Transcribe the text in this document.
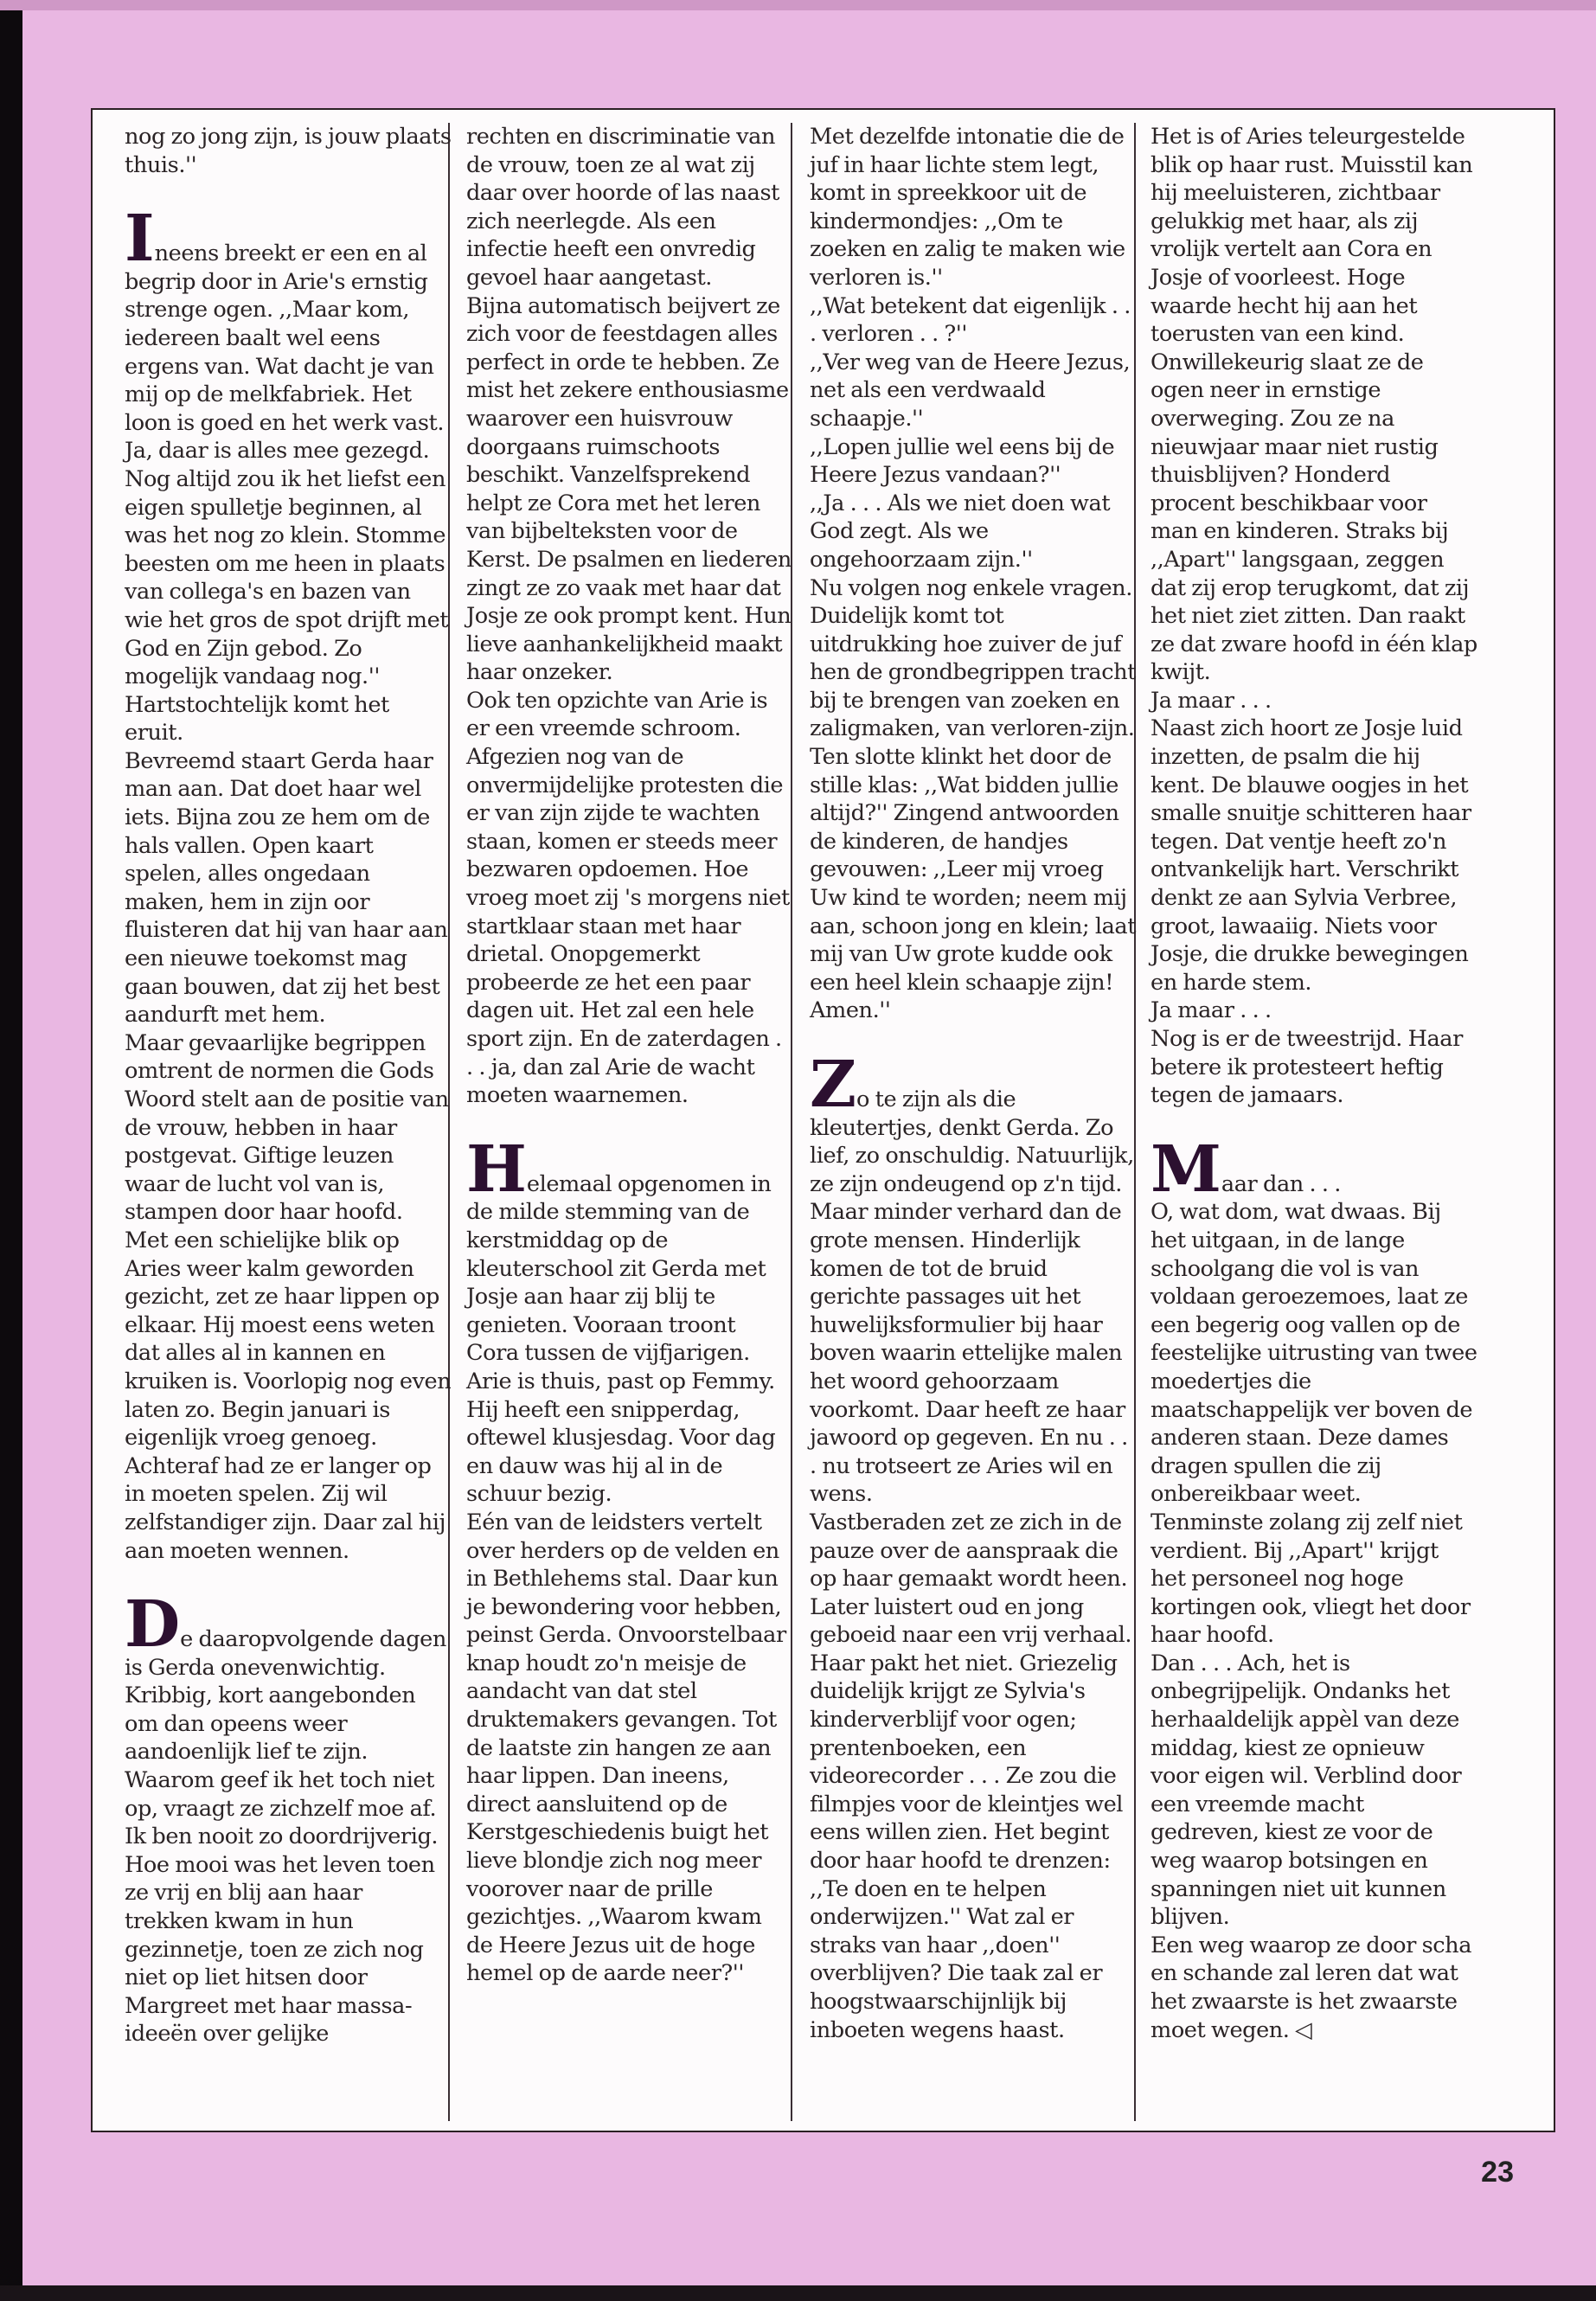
nog zo jong zijn, is jouw plaats thuis.''

Ineens breekt er een en al begrip door in Arie's ernstig strenge ogen. ,,Maar kom, iedereen baalt wel eens ergens van. Wat dacht je van mij op de melkfabriek. Het loon is goed en het werk vast. Ja, daar is alles mee gezegd. Nog altijd zou ik het liefst een eigen spulletje beginnen, al was het nog zo klein. Stomme beesten om me heen in plaats van collega's en bazen van wie het gros de spot drijft met God en Zijn gebod. Zo mogelijk vandaag nog.'' Hartstochtelijk komt het eruit.

Bevreemd staart Gerda haar man aan. Dat doet haar wel iets. Bijna zou ze hem om de hals vallen. Open kaart spelen, alles ongedaan maken, hem in zijn oor fluisteren dat hij van haar aan een nieuwe toekomst mag gaan bouwen, dat zij het best aandurft met hem.

Maar gevaarlijke begrippen omtrent de normen die Gods Woord stelt aan de positie van de vrouw, hebben in haar postgevat. Giftige leuzen waar de lucht vol van is, stampen door haar hoofd. Met een schielijke blik op Aries weer kalm geworden gezicht, zet ze haar lippen op elkaar. Hij moest eens weten dat alles al in kannen en kruiken is. Voorlopig nog even laten zo. Begin januari is eigenlijk vroeg genoeg. Achteraf had ze er langer op in moeten spelen. Zij wil zelfstandiger zijn. Daar zal hij aan moeten wennen.

De daaropvolgende dagen is Gerda onevenwichtig. Kribbig, kort aangebonden om dan opeens weer aandoenlijk lief te zijn. Waarom geef ik het toch niet op, vraagt ze zichzelf moe af. Ik ben nooit zo doordrijverig. Hoe mooi was het leven toen ze vrij en blij aan haar trekken kwam in hun gezinnetje, toen ze zich nog niet op liet hitsen door Margreet met haar massa-ideeën over gelijke

rechten en discriminatie van de vrouw, toen ze al wat zij daar over hoorde of las naast zich neerlegde. Als een infectie heeft een onvredig gevoel haar aangetast.

Bijna automatisch beijvert ze zich voor de feestdagen alles perfect in orde te hebben. Ze mist het zekere enthousiasme waarover een huisvrouw doorgaans ruimschoots beschikt. Vanzelfsprekend helpt ze Cora met het leren van bijbelteksten voor de Kerst. De psalmen en liederen zingt ze zo vaak met haar dat Josje ze ook prompt kent. Hun lieve aanhankelijkheid maakt haar onzeker.

Ook ten opzichte van Arie is er een vreemde schroom. Afgezien nog van de onvermijdelijke protesten die er van zijn zijde te wachten staan, komen er steeds meer bezwaren opdoemen. Hoe vroeg moet zij 's morgens niet startklaar staan met haar drietal. Onopgemerkt probeerde ze het een paar dagen uit. Het zal een hele sport zijn. En de zaterdagen . . . ja, dan zal Arie de wacht moeten waarnemen.

Helemaal opgenomen in de milde stemming van de kerstmiddag op de kleuterschool zit Gerda met Josje aan haar zij blij te genieten. Vooraan troont Cora tussen de vijfjarigen. Arie is thuis, past op Femmy. Hij heeft een snipperdag, oftewel klusjesdag. Voor dag en dauw was hij al in de schuur bezig.

Eén van de leidsters vertelt over herders op de velden en in Bethlehems stal. Daar kun je bewondering voor hebben, peinst Gerda. Onvoorstelbaar knap houdt zo'n meisje de aandacht van dat stel druktemakers gevangen. Tot de laatste zin hangen ze aan haar lippen. Dan ineens, direct aansluitend op de Kerstgeschiedenis buigt het lieve blondje zich nog meer voorover naar de prille gezichtjes. ,,Waarom kwam de Heere Jezus uit de hoge hemel op de aarde neer?''

Met dezelfde intonatie die de juf in haar lichte stem legt, komt in spreekkoor uit de kindermondjes: ,,Om te zoeken en zalig te maken wie verloren is.''

,,Wat betekent dat eigenlijk . . . verloren . . ?''

,,Ver weg van de Heere Jezus, net als een verdwaald schaapje.''

,,Lopen jullie wel eens bij de Heere Jezus vandaan?''

,,Ja . . . Als we niet doen wat God zegt. Als we ongehoorzaam zijn.''

Nu volgen nog enkele vragen. Duidelijk komt tot uitdrukking hoe zuiver de juf hen de grondbegrippen tracht bij te brengen van zoeken en zaligmaken, van verloren-zijn. Ten slotte klinkt het door de stille klas: ,,Wat bidden jullie altijd?'' Zingend antwoorden de kinderen, de handjes gevouwen: ,,Leer mij vroeg Uw kind te worden; neem mij aan, schoon jong en klein; laat mij van Uw grote kudde ook een heel klein schaapje zijn! Amen.''

Zo te zijn als die kleutertjes, denkt Gerda. Zo lief, zo onschuldig. Natuurlijk, ze zijn ondeugend op z'n tijd. Maar minder verhard dan de grote mensen. Hinderlijk komen de tot de bruid gerichte passages uit het huwelijksformulier bij haar boven waarin ettelijke malen het woord gehoorzaam voorkomt. Daar heeft ze haar jawoord op gegeven. En nu . . . nu trotseert ze Aries wil en wens.

Vastberaden zet ze zich in de pauze over de aanspraak die op haar gemaakt wordt heen. Later luistert oud en jong geboeid naar een vrij verhaal. Haar pakt het niet. Griezelig duidelijk krijgt ze Sylvia's kinderverblijf voor ogen; prentenboeken, een videorecorder . . . Ze zou die filmpjes voor de kleintjes wel eens willen zien. Het begint door haar hoofd te drenzen: ,,Te doen en te helpen onderwijzen.'' Wat zal er straks van haar ,,doen'' overblijven? Die taak zal er hoogstwaarschijnlijk bij inboeten wegens haast.

Het is of Aries teleurgestelde blik op haar rust. Muisstil kan hij meeluisteren, zichtbaar gelukkig met haar, als zij vrolijk vertelt aan Cora en Josje of voorleest. Hoge waarde hecht hij aan het toerusten van een kind.

Onwillekeurig slaat ze de ogen neer in ernstige overweging. Zou ze na nieuwjaar maar niet rustig thuisblijven? Honderd procent beschikbaar voor man en kinderen. Straks bij ,,Apart'' langsgaan, zeggen dat zij erop terugkomt, dat zij het niet ziet zitten. Dan raakt ze dat zware hoofd in één klap kwijt.

Ja maar . . .

Naast zich hoort ze Josje luid inzetten, de psalm die hij kent. De blauwe oogjes in het smalle snuitje schitteren haar tegen. Dat ventje heeft zo'n ontvankelijk hart. Verschrikt denkt ze aan Sylvia Verbree, groot, lawaaiig. Niets voor Josje, die drukke bewegingen en harde stem.

Ja maar . . .

Nog is er de tweestrijd. Haar betere ik protesteert heftig tegen de jamaars.

Maar dan . . .

O, wat dom, wat dwaas. Bij het uitgaan, in de lange schoolgang die vol is van voldaan geroezemoes, laat ze een begerig oog vallen op de feestelijke uitrusting van twee moedertjes die maatschappelijk ver boven de anderen staan. Deze dames dragen spullen die zij onbereikbaar weet. Tenminste zolang zij zelf niet verdient. Bij ,,Apart'' krijgt het personeel nog hoge kortingen ook, vliegt het door haar hoofd.

Dan . . . Ach, het is onbegrijpelijk. Ondanks het herhaaldelijk appèl van deze middag, kiest ze opnieuw voor eigen wil. Verblind door een vreemde macht gedreven, kiest ze voor de weg waarop botsingen en spanningen niet uit kunnen blijven.

Een weg waarop ze door scha en schande zal leren dat wat het zwaarste is het zwaarste moet wegen. ◁

23
